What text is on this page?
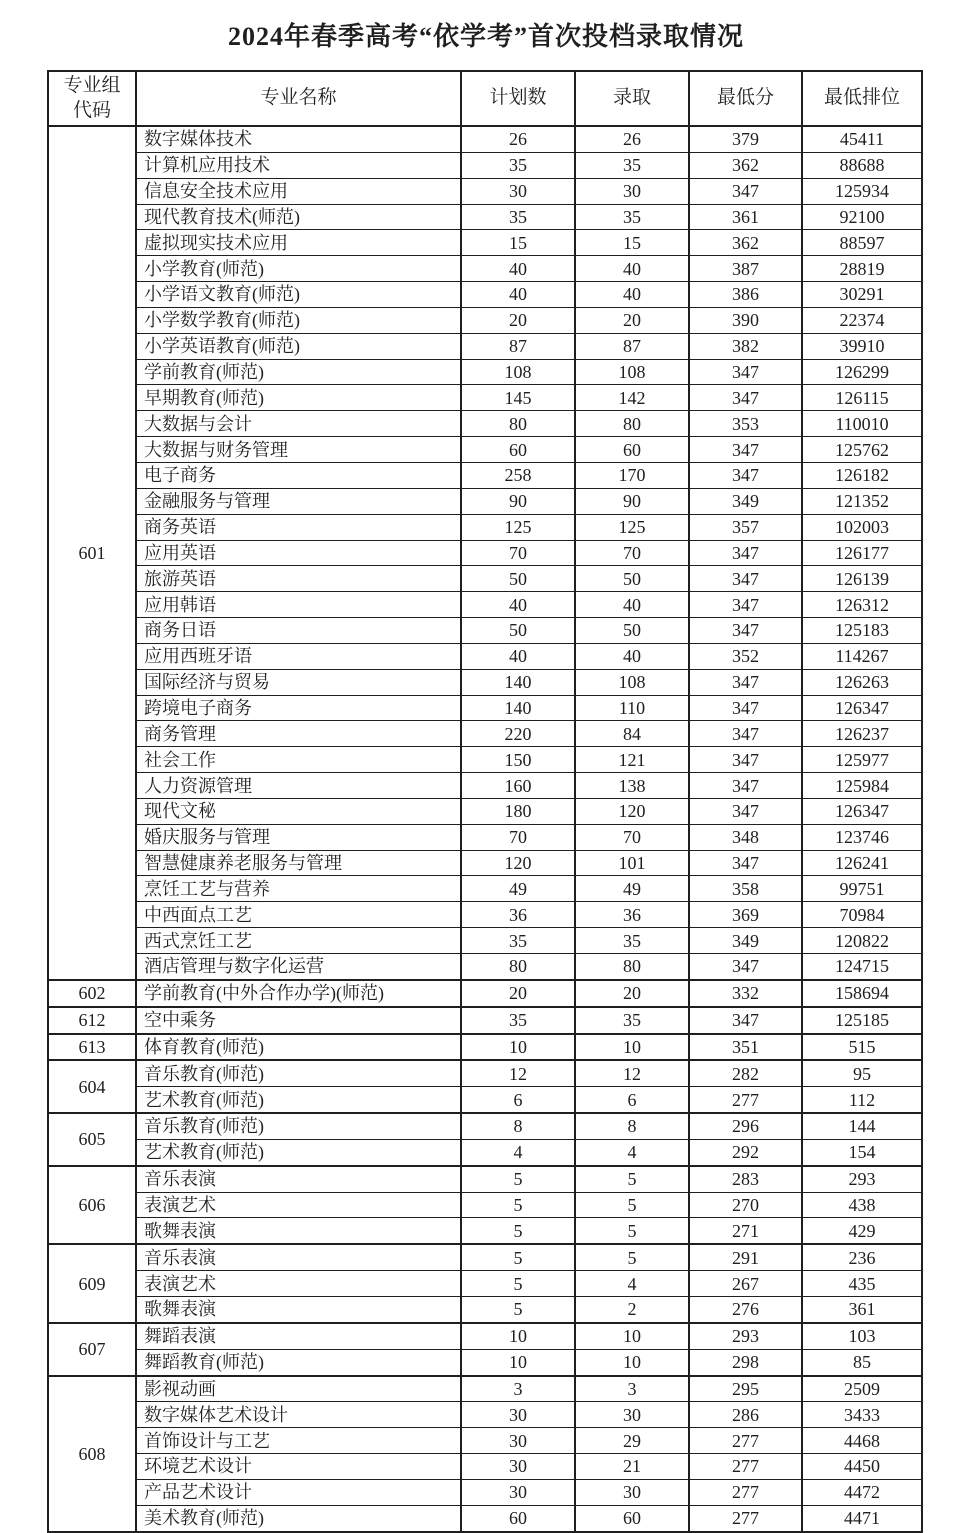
2024年春季高考“依学考”首次投档录取情况
专业组
代码	专业名称	计划数	录取	最低分	最低排位
601	数字媒体技术	26	26	379	45411
	计算机应用技术	35	35	362	88688
	信息安全技术应用	30	30	347	125934
	现代教育技术(师范)	35	35	361	92100
	虚拟现实技术应用	15	15	362	88597
	小学教育(师范)	40	40	387	28819
	小学语文教育(师范)	40	40	386	30291
	小学数学教育(师范)	20	20	390	22374
	小学英语教育(师范)	87	87	382	39910
	学前教育(师范)	108	108	347	126299
	早期教育(师范)	145	142	347	126115
	大数据与会计	80	80	353	110010
	大数据与财务管理	60	60	347	125762
	电子商务	258	170	347	126182
	金融服务与管理	90	90	349	121352
	商务英语	125	125	357	102003
	应用英语	70	70	347	126177
	旅游英语	50	50	347	126139
	应用韩语	40	40	347	126312
	商务日语	50	50	347	125183
	应用西班牙语	40	40	352	114267
	国际经济与贸易	140	108	347	126263
	跨境电子商务	140	110	347	126347
	商务管理	220	84	347	126237
	社会工作	150	121	347	125977
	人力资源管理	160	138	347	125984
	现代文秘	180	120	347	126347
	婚庆服务与管理	70	70	348	123746
	智慧健康养老服务与管理	120	101	347	126241
	烹饪工艺与营养	49	49	358	99751
	中西面点工艺	36	36	369	70984
	西式烹饪工艺	35	35	349	120822
	酒店管理与数字化运营	80	80	347	124715
602	学前教育(中外合作办学)(师范)	20	20	332	158694
612	空中乘务	35	35	347	125185
613	体育教育(师范)	10	10	351	515
604	音乐教育(师范)	12	12	282	95
	艺术教育(师范)	6	6	277	112
605	音乐教育(师范)	8	8	296	144
	艺术教育(师范)	4	4	292	154
606	音乐表演	5	5	283	293
	表演艺术	5	5	270	438
	歌舞表演	5	5	271	429
609	音乐表演	5	5	291	236
	表演艺术	5	4	267	435
	歌舞表演	5	2	276	361
607	舞蹈表演	10	10	293	103
	舞蹈教育(师范)	10	10	298	85
608	影视动画	3	3	295	2509
	数字媒体艺术设计	30	30	286	3433
	首饰设计与工艺	30	29	277	4468
	环境艺术设计	30	21	277	4450
	产品艺术设计	30	30	277	4472
	美术教育(师范)	60	60	277	4471
